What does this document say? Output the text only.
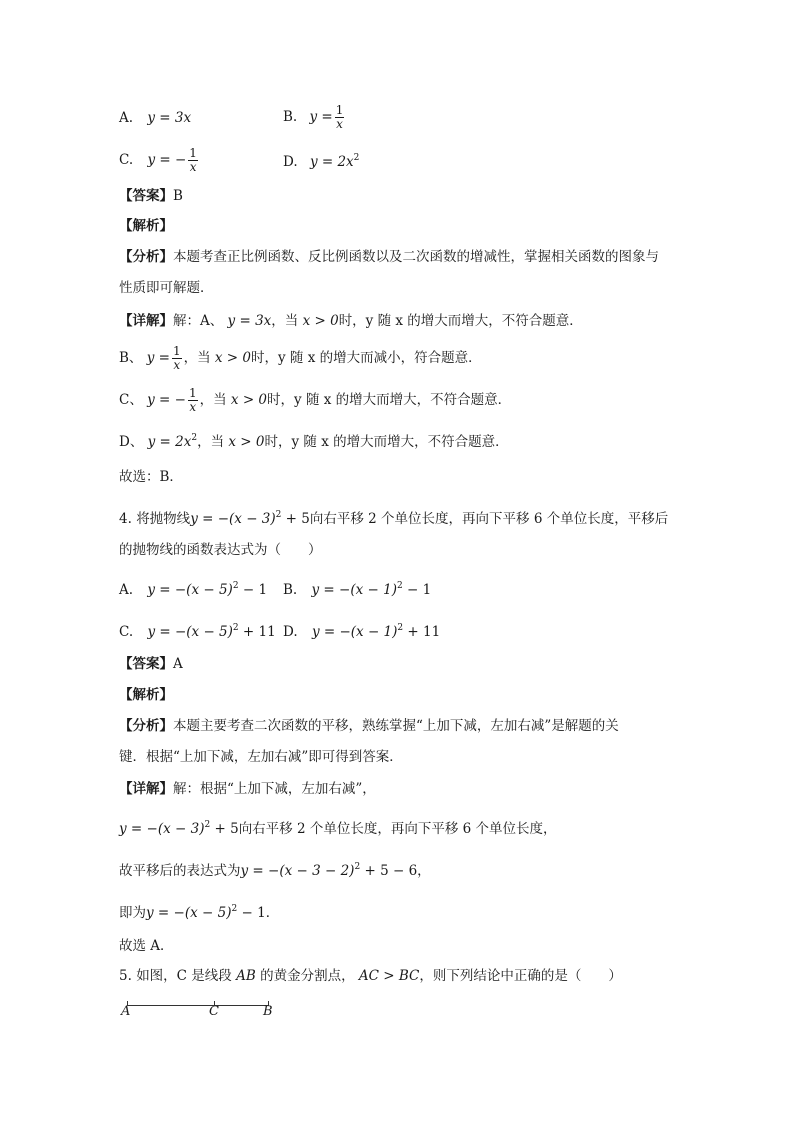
A. y = 3x	B. $y = \frac{1}{x}$
C. y = − $\frac{1}{x}$	D. $y = 2x^2$
【答案】B
【解析】
【分析】本题考查正比例函数、反比例函数以及二次函数的增减性，掌握相关函数的图象与
性质即可解题．
【详解】解：A、 y = 3x，当 x > 0时，y 随 x 的增大而增大，不符合题意．
B、 $y = \frac{1}{x}$ ，当 x > 0时，y 随 x 的增大而减小，符合题意．
C、 y = − $\frac{1}{x}$ ，当 x > 0时，y 随 x 的增大而增大，不符合题意．
D、 $y = 2x^2$，当 x > 0时，y 随 x 的增大而增大，不符合题意．
故选：B．
4. 将抛物线$y = -(x - 3)^2 + 5$向右平移 2 个单位长度，再向下平移 6 个单位长度，平移后
的抛物线的函数表达式为（　　）
A. $y = -(x - 5)^2 - 1$ B. $y = -(x - 1)^2 - 1$
C. $y = -(x - 5)^2 + 11$ D. $y = -(x - 1)^2 + 11$
【答案】A
【解析】
【分析】本题主要考查二次函数的平移，熟练掌握“上加下减，左加右减”是解题的关
键．根据“上加下减，左加右减”即可得到答案．
【详解】解：根据“上加下减，左加右减”，
$y = -(x - 3)^2 + 5$向右平移 2 个单位长度，再向下平移 6 个单位长度，
故平移后的表达式为$y = -(x - 3 - 2)^2 + 5 - 6$，
即为$y = -(x - 5)^2 - 1$．
故选 A．
5. 如图，C 是线段 AB 的黄金分割点， AC > BC，则下列结论中正确的是（　　）
A	C	B
